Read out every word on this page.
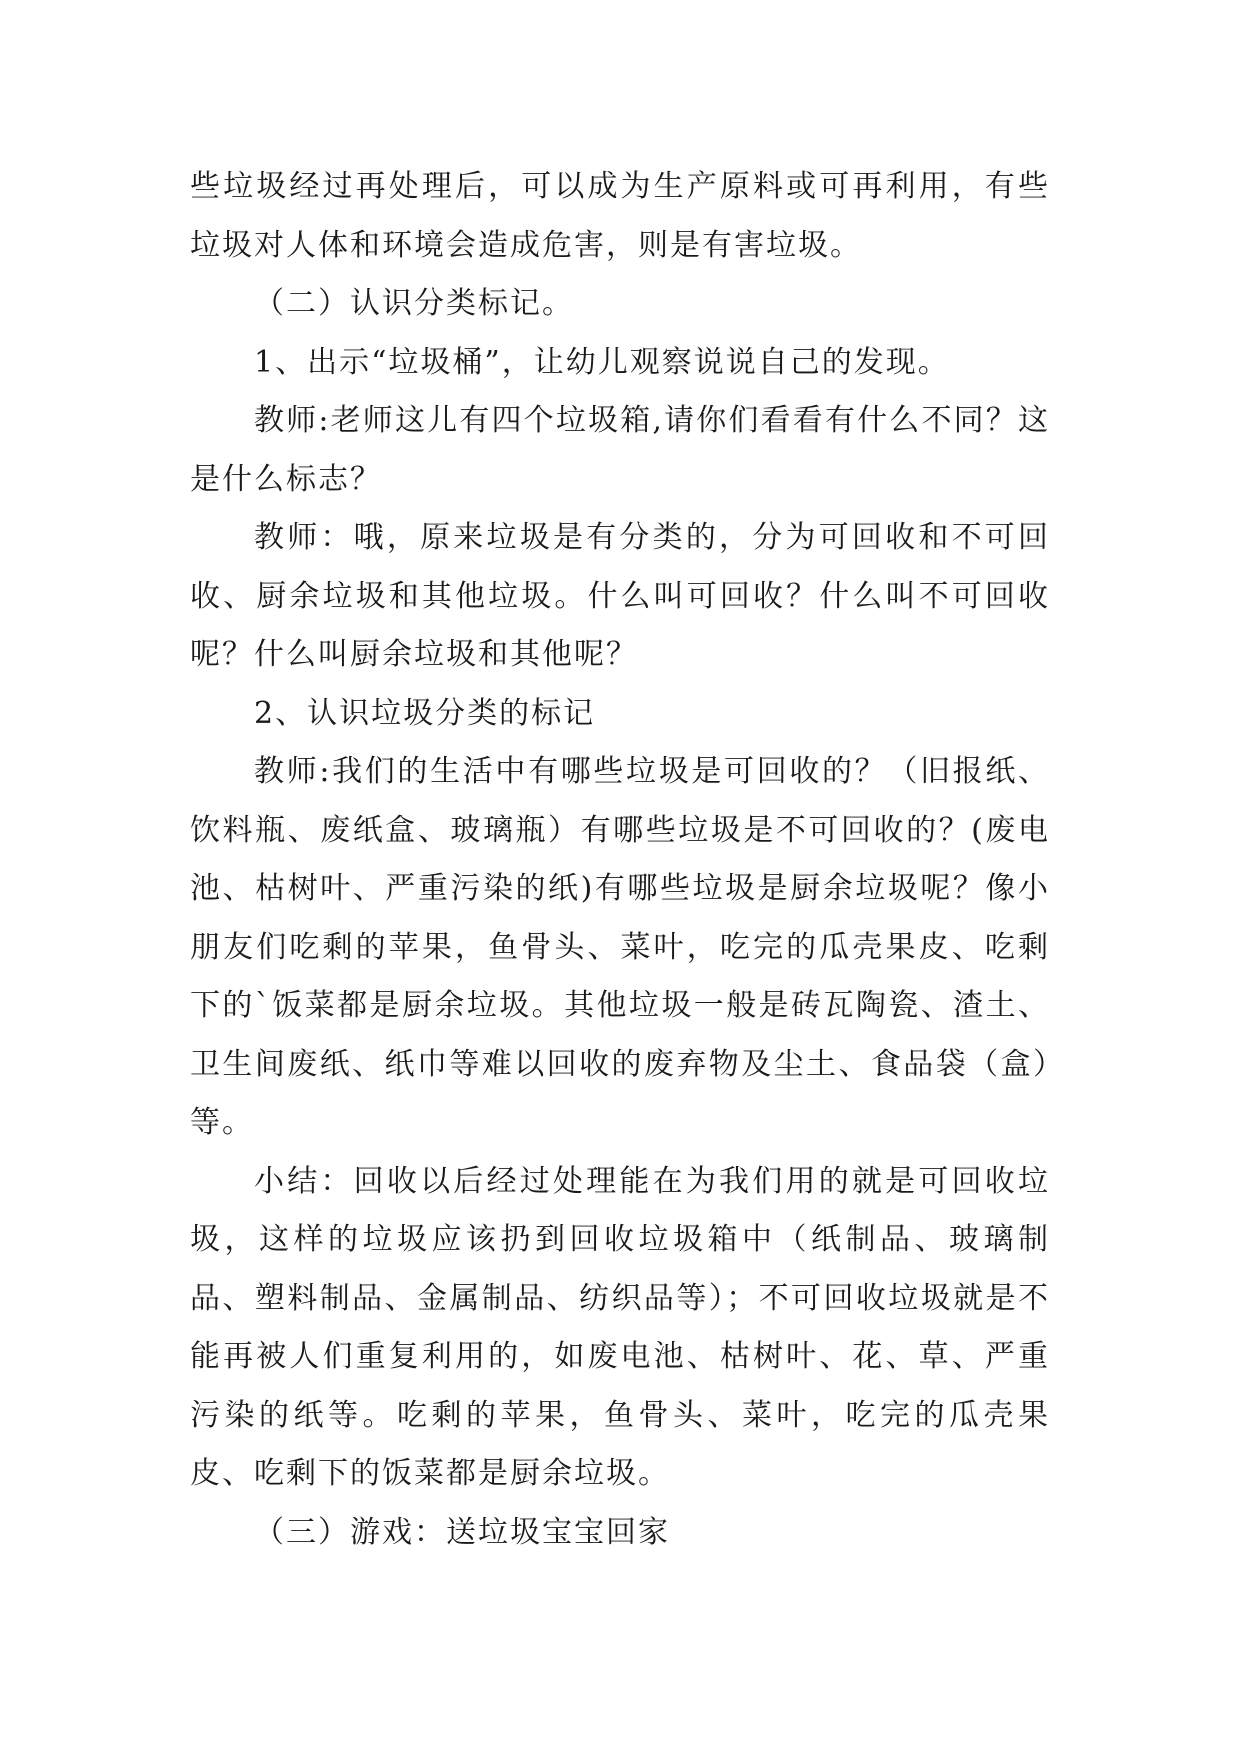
些垃圾经过再处理后，可以成为生产原料或可再利用，有些垃圾对人体和环境会造成危害，则是有害垃圾。

（二）认识分类标记。

1、出示“垃圾桶”，让幼儿观察说说自己的发现。

教师:老师这儿有四个垃圾箱,请你们看看有什么不同？这是什么标志？

教师：哦，原来垃圾是有分类的，分为可回收和不可回收、厨余垃圾和其他垃圾。什么叫可回收？什么叫不可回收呢？什么叫厨余垃圾和其他呢？

2、认识垃圾分类的标记

教师:我们的生活中有哪些垃圾是可回收的？（旧报纸、饮料瓶、废纸盒、玻璃瓶）有哪些垃圾是不可回收的？(废电池、枯树叶、严重污染的纸)有哪些垃圾是厨余垃圾呢？像小朋友们吃剩的苹果，鱼骨头、菜叶，吃完的瓜壳果皮、吃剩下的`饭菜都是厨余垃圾。其他垃圾一般是砖瓦陶瓷、渣土、卫生间废纸、纸巾等难以回收的废弃物及尘土、食品袋（盒）等。

小结：回收以后经过处理能在为我们用的就是可回收垃圾，这样的垃圾应该扔到回收垃圾箱中（纸制品、玻璃制品、塑料制品、金属制品、纺织品等）；不可回收垃圾就是不能再被人们重复利用的，如废电池、枯树叶、花、草、严重污染的纸等。吃剩的苹果，鱼骨头、菜叶，吃完的瓜壳果皮、吃剩下的饭菜都是厨余垃圾。

（三）游戏：送垃圾宝宝回家
